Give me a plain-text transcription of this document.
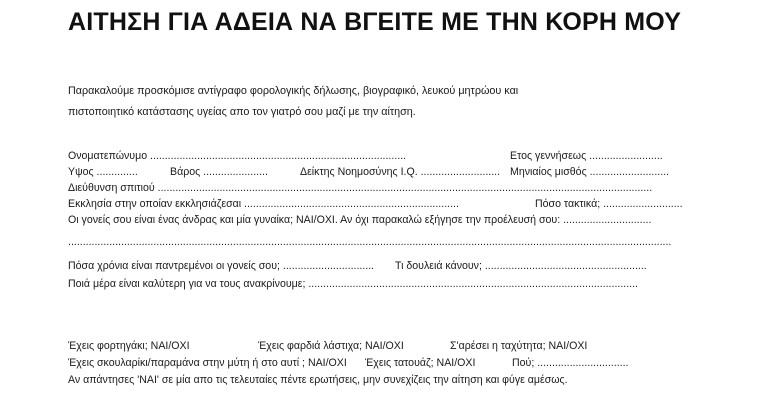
ΑΙΤΗΣΗ ΓΙΑ ΑΔΕΙΑ ΝΑ ΒΓΕΙΤΕ ΜΕ ΤΗΝ ΚΟΡΗ ΜΟΥ
Παρακαλούμε προσκόμισε αντίγραφο φορολογικής δήλωσης, βιογραφικό, λευκού μητρώου και
πιστοποιητικό κατάστασης υγείας απο τον γιατρό σου μαζί με την αίτηση.
Ονοματεπώνυμο .......................................................................................	Ετος γεννήσεως .........................
Υψος ..............	Βάρος ......................	Δείκτης Νοημοσύνης I.Q. ........................... Μηνιαίος μισθός ...........................
Διεύθυνση σπιτιού ........................................................................................................................................................................
Εκκλησία στην οποίαν εκκλησιάζεσαι .........................................................................	Πόσο τακτικά; ...........................
Οι γονείς σου είναι ένας άνδρας και μία γυναίκα; ΝΑΙ/ΟΧΙ. Αν όχι παρακαλώ εξήγησε την προέλευσή σου: ..............................
.............................................................................................................................................................................................................
Πόσα χρόνια είναι παντρεμένοι οι γονείς σου; ............................... Τι δουλειά κάνουν; .......................................................
Ποιά μέρα είναι καλύτερη για να τους ανακρίνουμε; ................................................................................................................
Έχεις φορτηγάκι; ΝΑΙ/ΟΧΙ	Έχεις φαρδιά λάστιχα; ΝΑΙ/ΟΧΙ	Σ'αρέσει η ταχύτητα; ΝΑΙ/ΟΧΙ
Έχεις σκουλαρίκι/παραμάνα στην μύτη ή στο αυτί ; ΝΑΙ/ΟΧΙ Έχεις τατουάζ; ΝΑΙ/ΟΧΙ	Πού; ...............................
Αν απάντησες 'ΝΑΙ' σε μία απο τις τελευταίες πέντε ερωτήσεις, μην συνεχίζεις την αίτηση και φύγε αμέσως.
